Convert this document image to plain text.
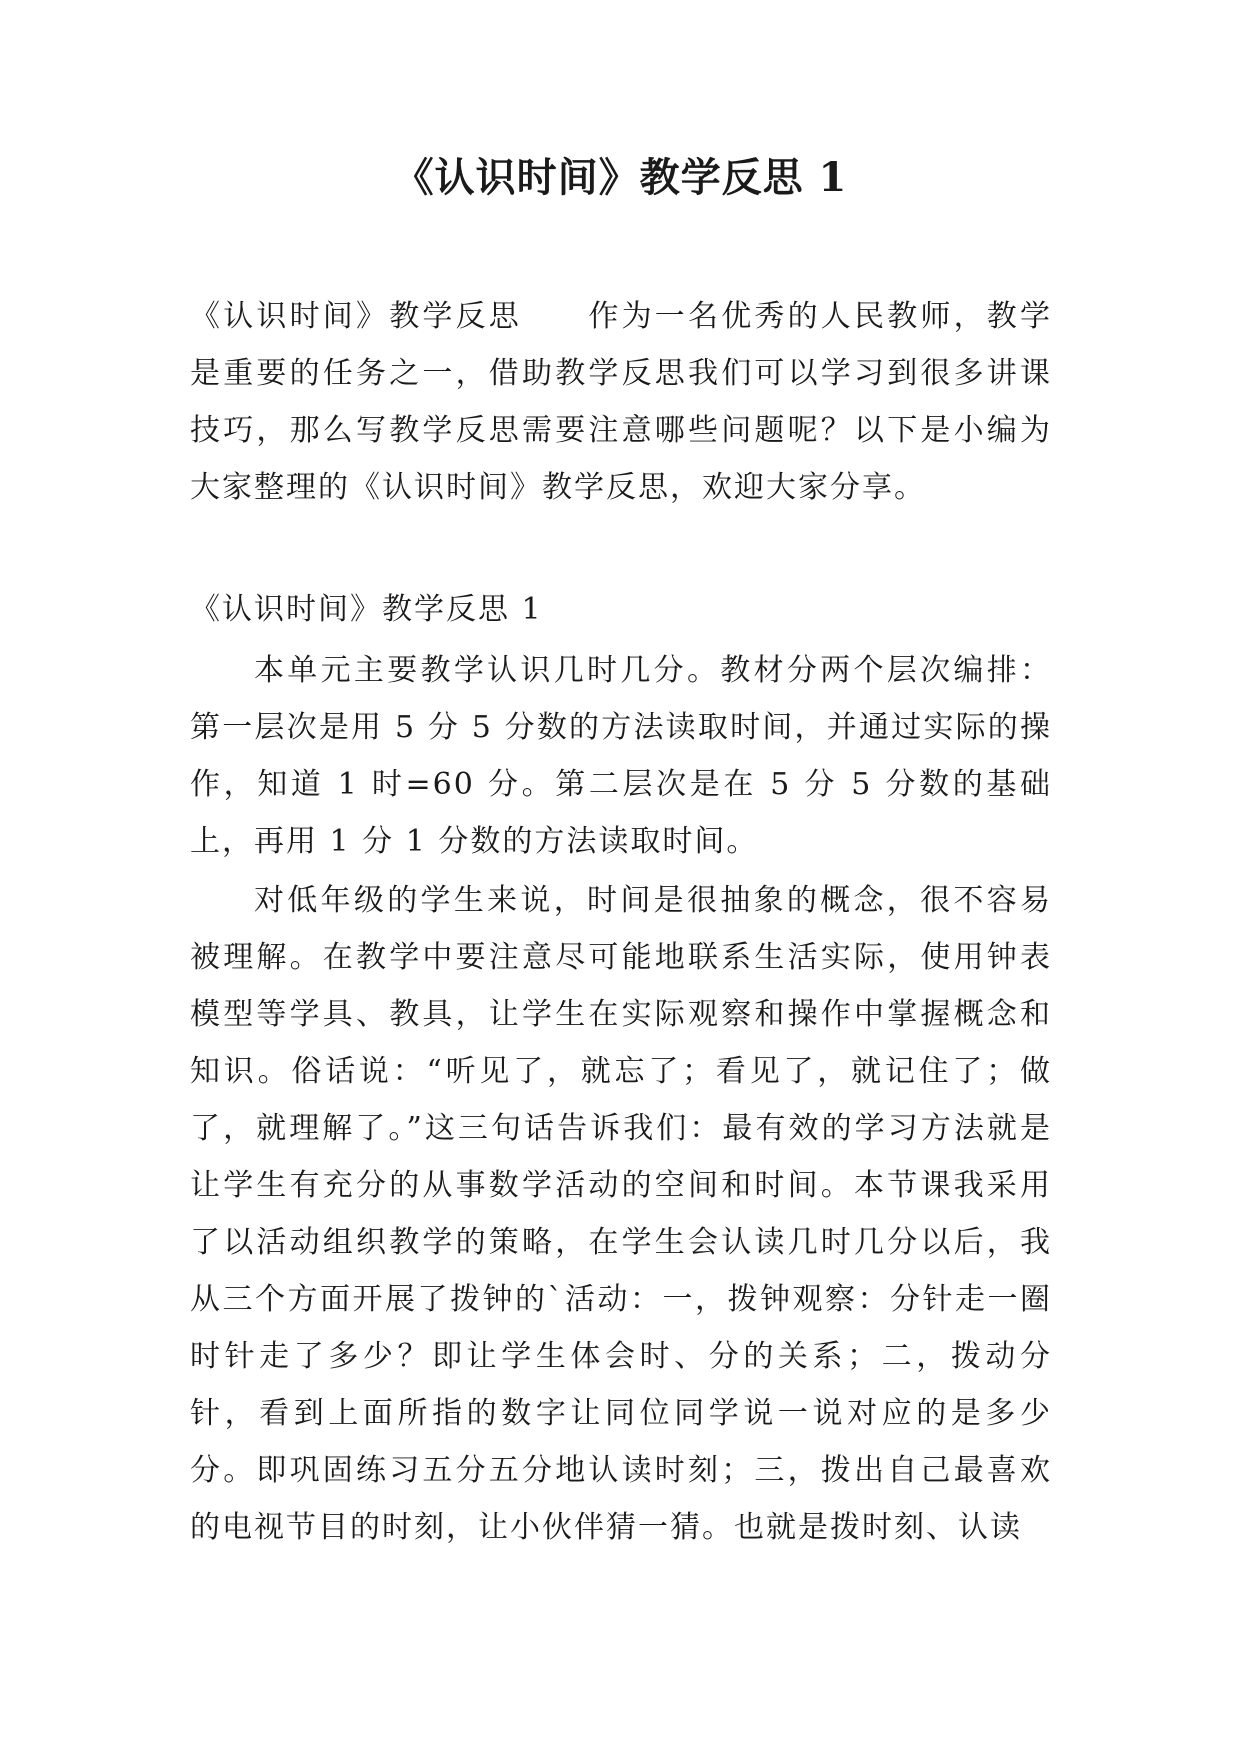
《认识时间》教学反思 1

《认识时间》教学反思　　作为一名优秀的人民教师，教学是重要的任务之一，借助教学反思我们可以学习到很多讲课技巧，那么写教学反思需要注意哪些问题呢？以下是小编为大家整理的《认识时间》教学反思，欢迎大家分享。

《认识时间》教学反思 1

本单元主要教学认识几时几分。教材分两个层次编排：第一层次是用 5 分 5 分数的方法读取时间，并通过实际的操作，知道 1 时=60 分。第二层次是在 5 分 5 分数的基础上，再用 1 分 1 分数的方法读取时间。

对低年级的学生来说，时间是很抽象的概念，很不容易被理解。在教学中要注意尽可能地联系生活实际，使用钟表模型等学具、教具，让学生在实际观察和操作中掌握概念和知识。俗话说：“听见了，就忘了；看见了，就记住了；做了，就理解了。”这三句话告诉我们：最有效的学习方法就是让学生有充分的从事数学活动的空间和时间。本节课我采用了以活动组织教学的策略，在学生会认读几时几分以后，我从三个方面开展了拨钟的`活动：一，拨钟观察：分针走一圈时针走了多少？即让学生体会时、分的关系；二，拨动分针，看到上面所指的数字让同位同学说一说对应的是多少分。即巩固练习五分五分地认读时刻；三，拨出自己最喜欢的电视节目的时刻，让小伙伴猜一猜。也就是拨时刻、认读
